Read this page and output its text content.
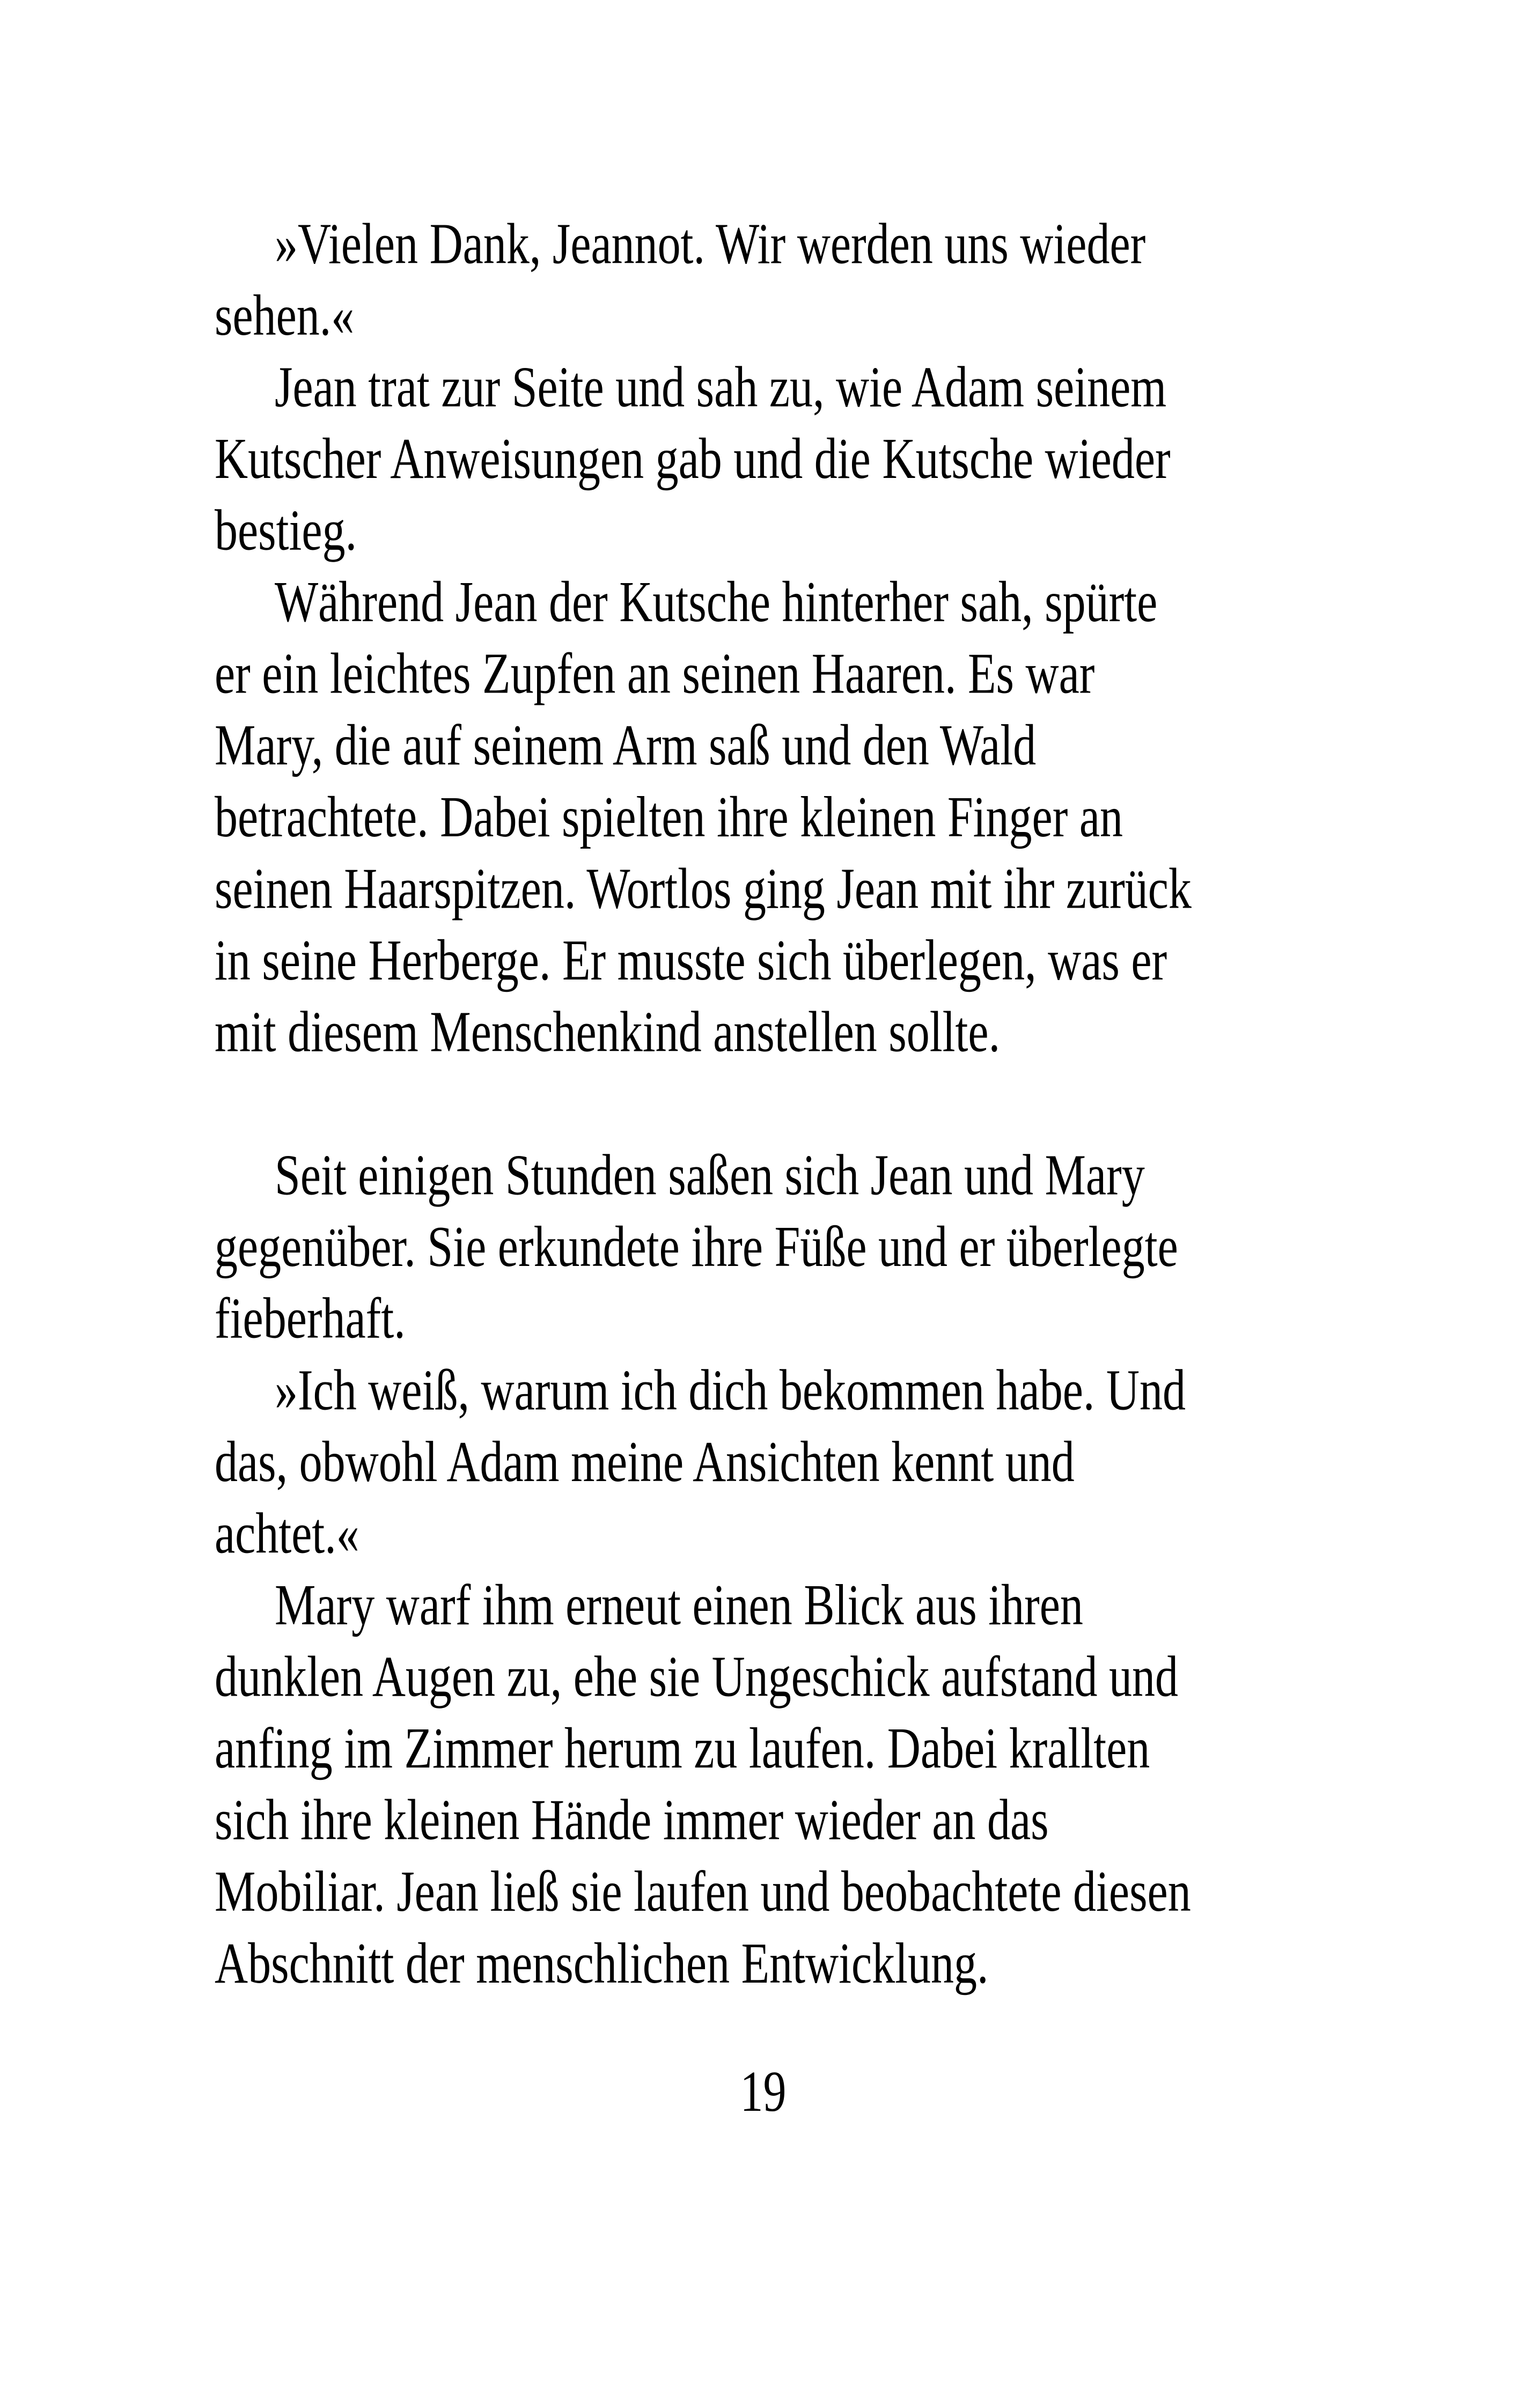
»Vielen Dank, Jeannot. Wir werden uns wieder
sehen.«
Jean trat zur Seite und sah zu, wie Adam seinem
Kutscher Anweisungen gab und die Kutsche wieder
bestieg.
Während Jean der Kutsche hinterher sah, spürte
er ein leichtes Zupfen an seinen Haaren. Es war
Mary, die auf seinem Arm saß und den Wald
betrachtete. Dabei spielten ihre kleinen Finger an
seinen Haarspitzen. Wortlos ging Jean mit ihr zurück
in seine Herberge. Er musste sich überlegen, was er
mit diesem Menschenkind anstellen sollte.
Seit einigen Stunden saßen sich Jean und Mary
gegenüber. Sie erkundete ihre Füße und er überlegte
fieberhaft.
»Ich weiß, warum ich dich bekommen habe. Und
das, obwohl Adam meine Ansichten kennt und
achtet.«
Mary warf ihm erneut einen Blick aus ihren
dunklen Augen zu, ehe sie Ungeschick aufstand und
anfing im Zimmer herum zu laufen. Dabei krallten
sich ihre kleinen Hände immer wieder an das
Mobiliar. Jean ließ sie laufen und beobachtete diesen
Abschnitt der menschlichen Entwicklung.
19
